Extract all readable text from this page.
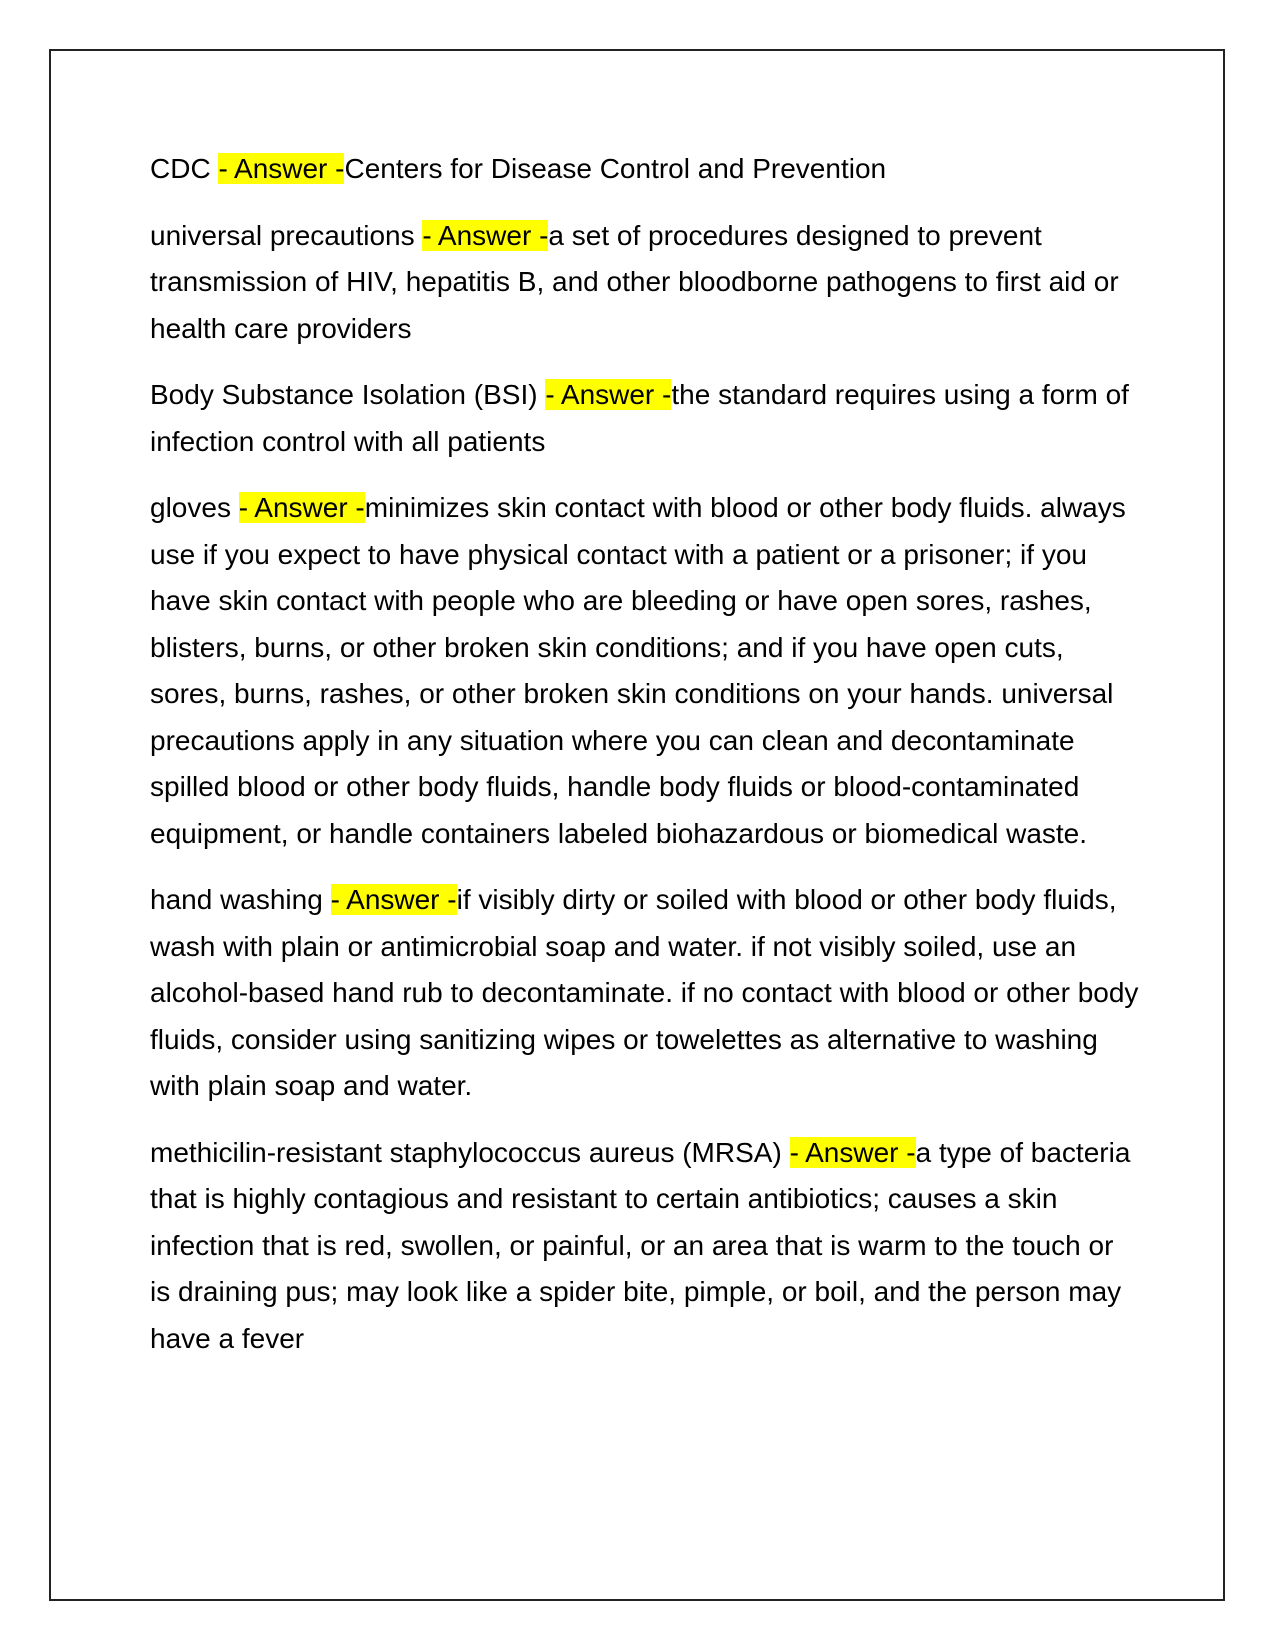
CDC - Answer -Centers for Disease Control and Prevention

universal precautions - Answer -a set of procedures designed to prevent transmission of HIV, hepatitis B, and other bloodborne pathogens to first aid or health care providers

Body Substance Isolation (BSI) - Answer -the standard requires using a form of infection control with all patients

gloves - Answer -minimizes skin contact with blood or other body fluids. always use if you expect to have physical contact with a patient or a prisoner; if you have skin contact with people who are bleeding or have open sores, rashes, blisters, burns, or other broken skin conditions; and if you have open cuts, sores, burns, rashes, or other broken skin conditions on your hands. universal precautions apply in any situation where you can clean and decontaminate spilled blood or other body fluids, handle body fluids or blood-contaminated equipment, or handle containers labeled biohazardous or biomedical waste.

hand washing - Answer -if visibly dirty or soiled with blood or other body fluids, wash with plain or antimicrobial soap and water. if not visibly soiled, use an alcohol-based hand rub to decontaminate. if no contact with blood or other body fluids, consider using sanitizing wipes or towelettes as alternative to washing with plain soap and water.

methicilin-resistant staphylococcus aureus (MRSA) - Answer -a type of bacteria that is highly contagious and resistant to certain antibiotics; causes a skin infection that is red, swollen, or painful, or an area that is warm to the touch or is draining pus; may look like a spider bite, pimple, or boil, and the person may have a fever
